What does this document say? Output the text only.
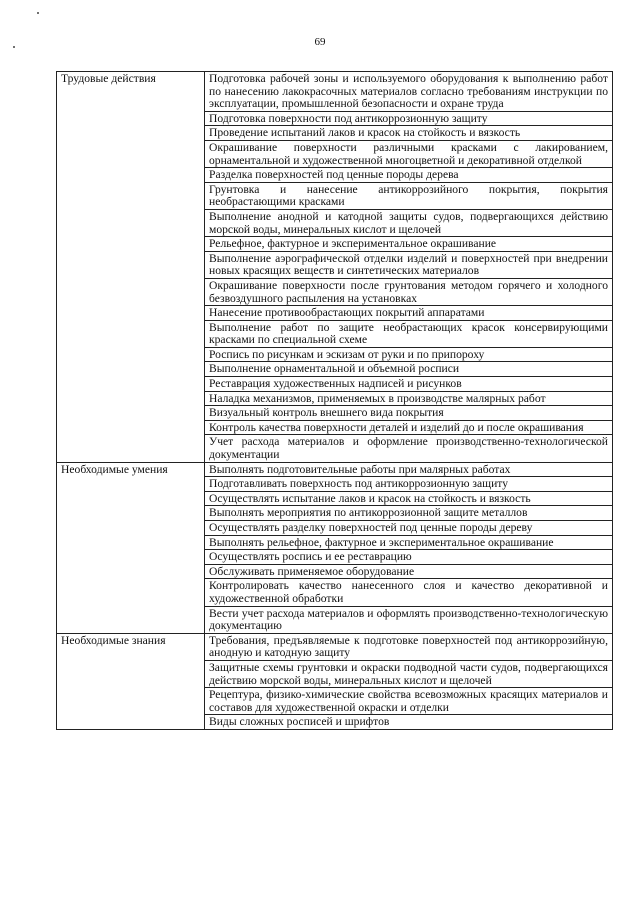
69
Трудовые действия	Подготовка рабочей зоны и используемого оборудования к выполнению работ по нанесению лакокрасочных материалов согласно требованиям инструкции по эксплуатации, промышленной безопасности и охране труда
	Подготовка поверхности под антикоррозионную защиту
	Проведение испытаний лаков и красок на стойкость и вязкость
	Окрашивание поверхности различными красками с лакированием, орнаментальной и художественной многоцветной и декоративной отделкой
	Разделка поверхностей под ценные породы дерева
	Грунтовка и нанесение антикоррозийного покрытия, покрытия необрастающими красками
	Выполнение анодной и катодной защиты судов, подвергающихся действию морской воды, минеральных кислот и щелочей
	Рельефное, фактурное и экспериментальное окрашивание
	Выполнение аэрографической отделки изделий и поверхностей при внедрении новых красящих веществ и синтетических материалов
	Окрашивание поверхности после грунтования методом горячего и холодного безвоздушного распыления на установках
	Нанесение противообрастающих покрытий аппаратами
	Выполнение работ по защите необрастающих красок консервирующими красками по специальной схеме
	Роспись по рисункам и эскизам от руки и по припороху
	Выполнение орнаментальной и объемной росписи
	Реставрация художественных надписей и рисунков
	Наладка механизмов, применяемых в производстве малярных работ
	Визуальный контроль внешнего вида покрытия
	Контроль качества поверхности деталей и изделий до и после окрашивания
	Учет расхода материалов и оформление производственно-технологической документации
Необходимые умения	Выполнять подготовительные работы при малярных работах
	Подготавливать поверхность под антикоррозионную защиту
	Осуществлять испытание лаков и красок на стойкость и вязкость
	Выполнять мероприятия по антикоррозионной защите металлов
	Осуществлять разделку поверхностей под ценные породы дереву
	Выполнять рельефное, фактурное и экспериментальное окрашивание
	Осуществлять роспись и ее реставрацию
	Обслуживать применяемое оборудование
	Контролировать качество нанесенного слоя и качество декоративной и художественной обработки
	Вести учет расхода материалов и оформлять производственно-технологическую документацию
Необходимые знания	Требования, предъявляемые к подготовке поверхностей под антикоррозийную, анодную и катодную защиту
	Защитные схемы грунтовки и окраски подводной части судов, подвергающихся действию морской воды, минеральных кислот и щелочей
	Рецептура, физико-химические свойства всевозможных красящих материалов и составов для художественной окраски и отделки
	Виды сложных росписей и шрифтов
